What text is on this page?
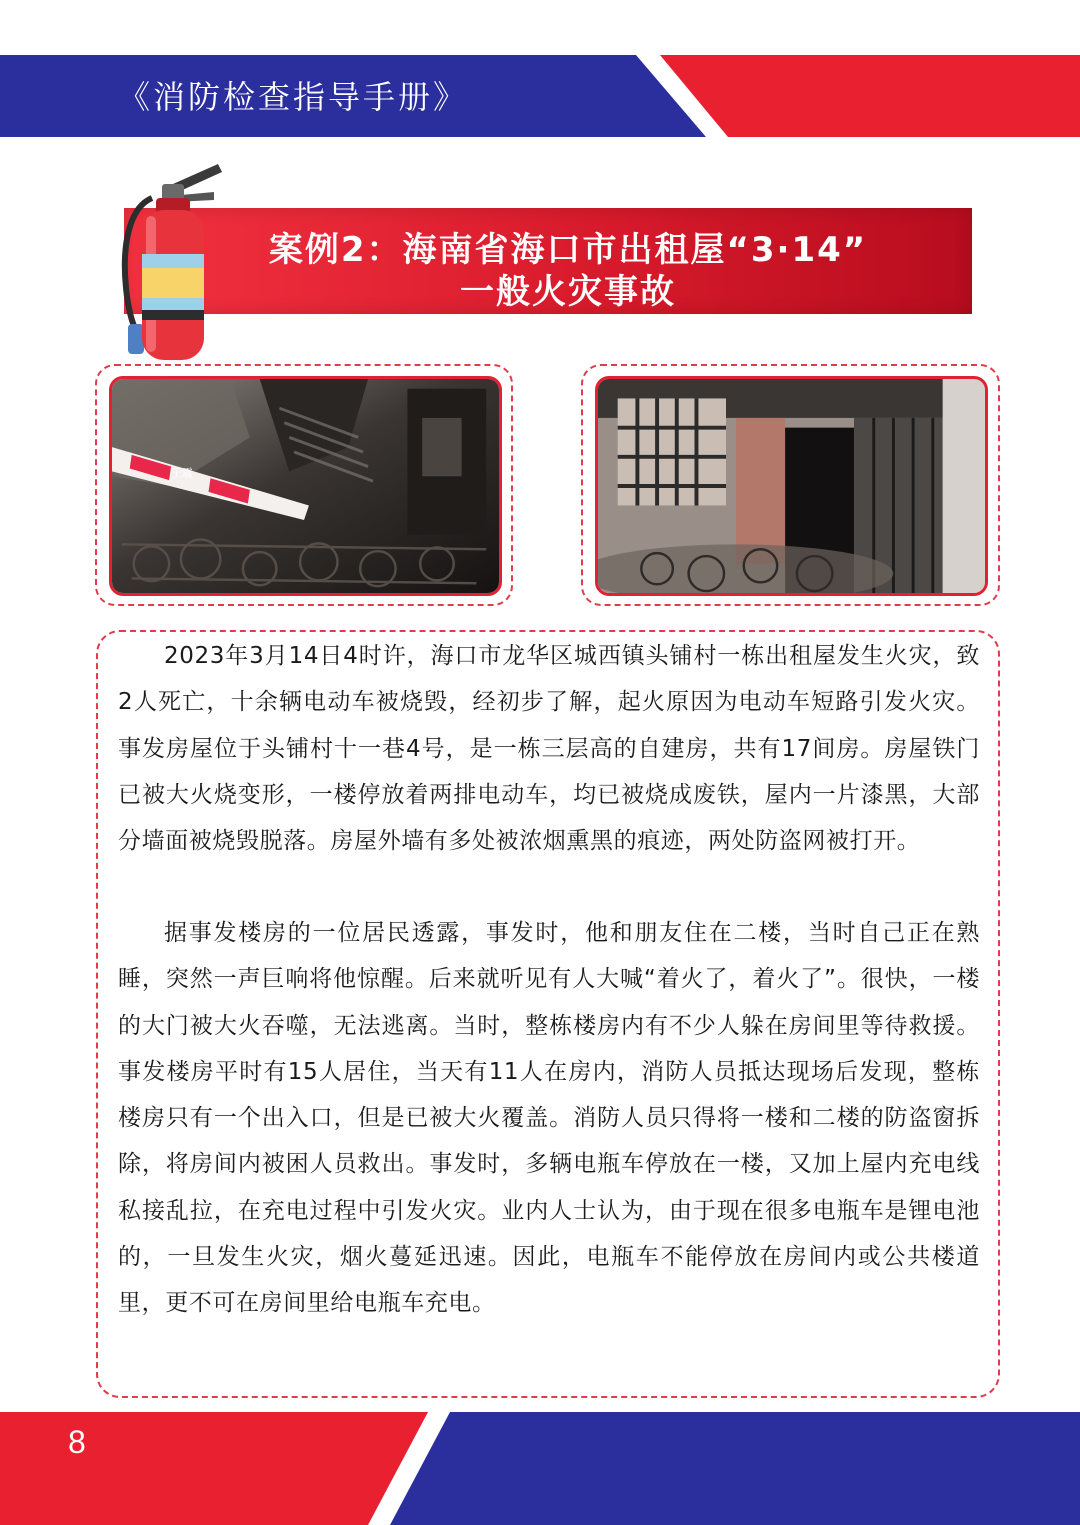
《消防检查指导手册》
案例2：海南省海口市出租屋“3·14”
一般火灾事故
王震

2023年3月14日4时许，海口市龙华区城西镇头铺村一栋出租屋发生火灾，致2人死亡，十余辆电动车被烧毁，经初步了解，起火原因为电动车短路引发火灾。事发房屋位于头铺村十一巷4号，是一栋三层高的自建房，共有17间房。房屋铁门已被大火烧变形，一楼停放着两排电动车，均已被烧成废铁，屋内一片漆黑，大部分墙面被烧毁脱落。房屋外墙有多处被浓烟熏黑的痕迹，两处防盗网被打开。

据事发楼房的一位居民透露，事发时，他和朋友住在二楼，当时自己正在熟睡，突然一声巨响将他惊醒。后来就听见有人大喊“着火了，着火了”。很快，一楼的大门被大火吞噬，无法逃离。当时，整栋楼房内有不少人躲在房间里等待救援。事发楼房平时有15人居住，当天有11人在房内，消防人员抵达现场后发现，整栋楼房只有一个出入口，但是已被大火覆盖。消防人员只得将一楼和二楼的防盗窗拆除，将房间内被困人员救出。事发时，多辆电瓶车停放在一楼，又加上屋内充电线私接乱拉，在充电过程中引发火灾。业内人士认为，由于现在很多电瓶车是锂电池的，一旦发生火灾，烟火蔓延迅速。因此，电瓶车不能停放在房间内或公共楼道里，更不可在房间里给电瓶车充电。

8
